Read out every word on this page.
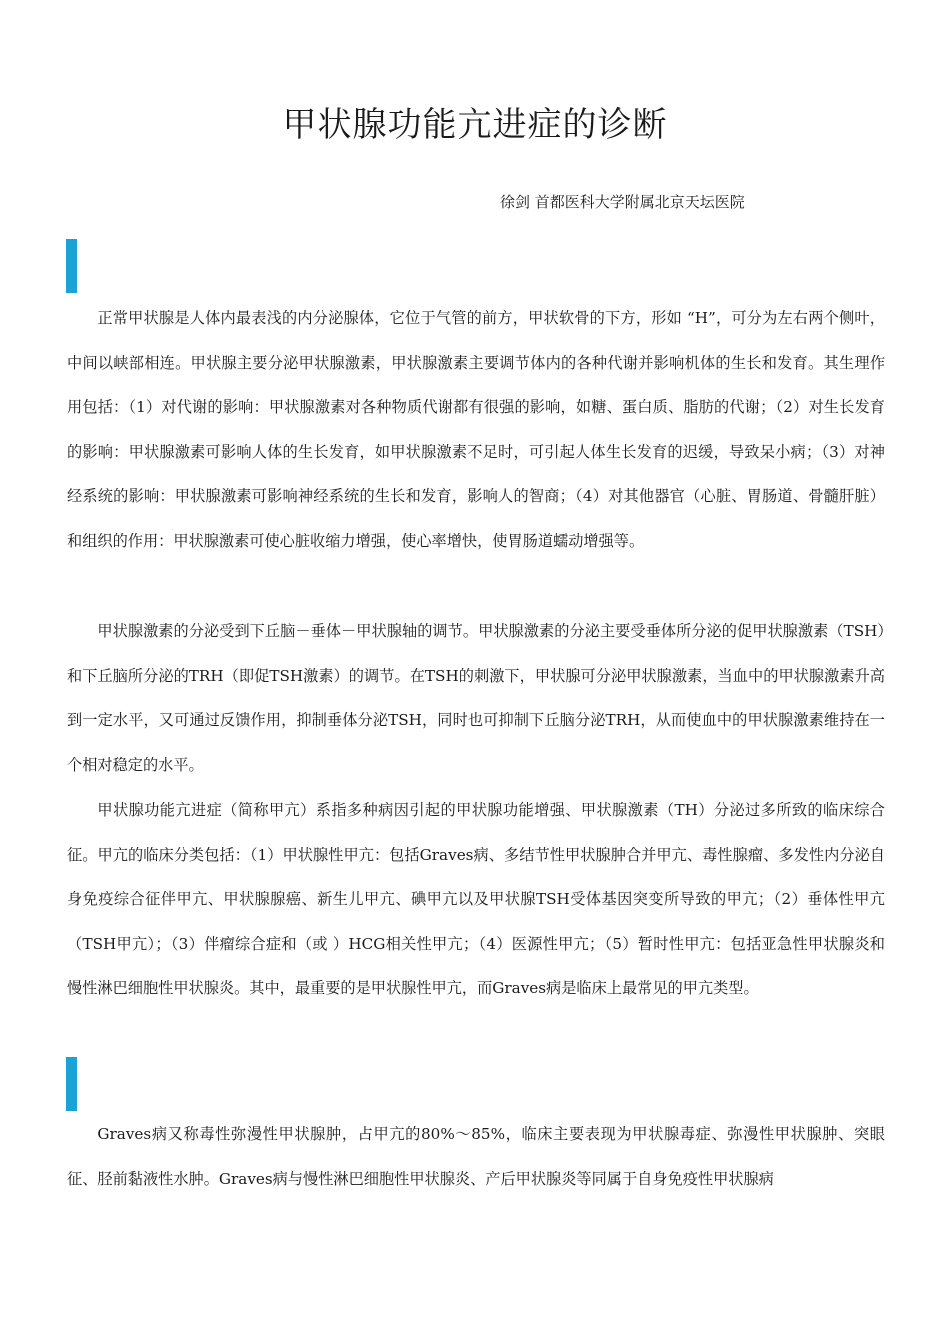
甲状腺功能亢进症的诊断
徐剑 首都医科大学附属北京天坛医院

正常甲状腺是人体内最表浅的内分泌腺体，它位于气管的前方，甲状软骨的下方，形如 “H”，可分为左右两个侧叶，中间以峡部相连。甲状腺主要分泌甲状腺激素，甲状腺激素主要调节体内的各种代谢并影响机体的生长和发育。其生理作用包括：（1）对代谢的影响：甲状腺激素对各种物质代谢都有很强的影响，如糖、蛋白质、脂肪的代谢；（2）对生长发育的影响：甲状腺激素可影响人体的生长发育，如甲状腺激素不足时，可引起人体生长发育的迟缓，导致呆小病；（3）对神经系统的影响：甲状腺激素可影响神经系统的生长和发育，影响人的智商；（4）对其他器官（心脏、胃肠道、骨髓肝脏）和组织的作用：甲状腺激素可使心脏收缩力增强，使心率增快，使胃肠道蠕动增强等。

甲状腺激素的分泌受到下丘脑－垂体－甲状腺轴的调节。甲状腺激素的分泌主要受垂体所分泌的促甲状腺激素（TSH）和下丘脑所分泌的TRH（即促TSH激素）的调节。在TSH的刺激下，甲状腺可分泌甲状腺激素，当血中的甲状腺激素升高到一定水平，又可通过反馈作用，抑制垂体分泌TSH，同时也可抑制下丘脑分泌TRH，从而使血中的甲状腺激素维持在一个相对稳定的水平。

甲状腺功能亢进症（简称甲亢）系指多种病因引起的甲状腺功能增强、甲状腺激素（TH）分泌过多所致的临床综合征。甲亢的临床分类包括：（1）甲状腺性甲亢：包括Graves病、多结节性甲状腺肿合并甲亢、毒性腺瘤、多发性内分泌自身免疫综合征伴甲亢、甲状腺腺癌、新生儿甲亢、碘甲亢以及甲状腺TSH受体基因突变所导致的甲亢；（2）垂体性甲亢（TSH甲亢）；（3）伴瘤综合症和（或 ）HCG相关性甲亢；（4）医源性甲亢；（5）暂时性甲亢：包括亚急性甲状腺炎和慢性淋巴细胞性甲状腺炎。其中，最重要的是甲状腺性甲亢，而Graves病是临床上最常见的甲亢类型。

Graves病又称毒性弥漫性甲状腺肿，占甲亢的80%～85%，临床主要表现为甲状腺毒症、弥漫性甲状腺肿、突眼征、胫前黏液性水肿。Graves病与慢性淋巴细胞性甲状腺炎、产后甲状腺炎等同属于自身免疫性甲状腺病
